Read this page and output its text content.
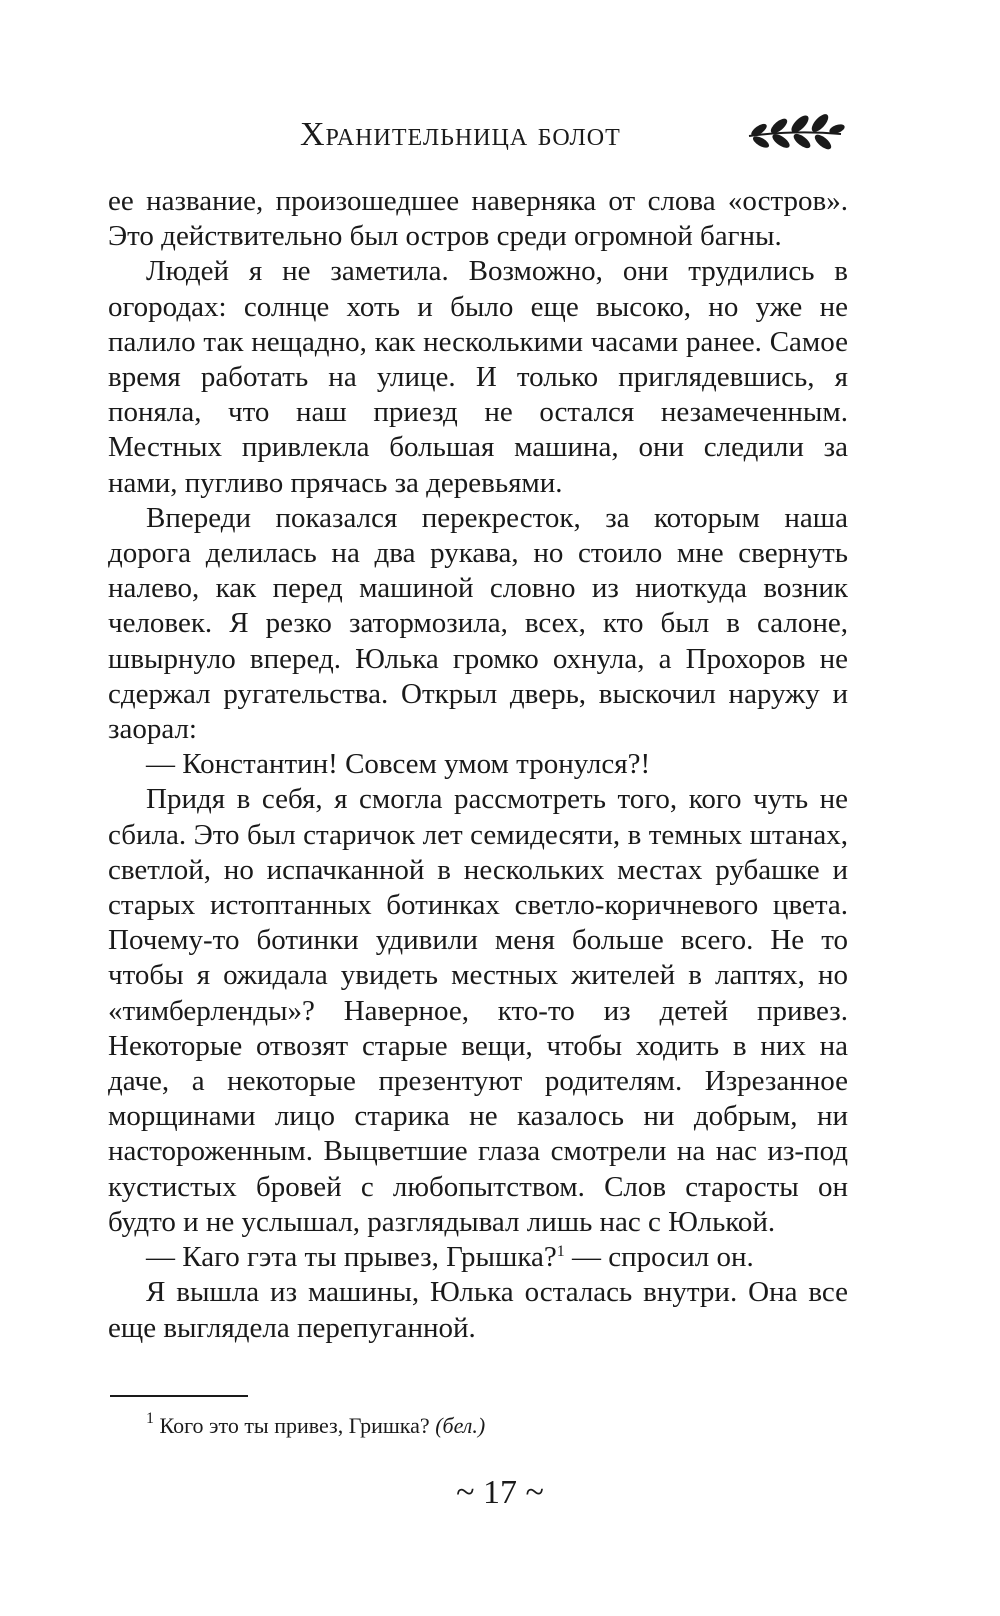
Хранительница болот

ее название, произошедшее наверняка от слова «остров». Это действительно был остров среди огромной багны.

Людей я не заметила. Возможно, они трудились в огородах: солнце хоть и было еще высоко, но уже не палило так нещадно, как несколькими часами ранее. Самое время работать на улице. И только приглядевшись, я поняла, что наш приезд не остался незамеченным. Местных привлекла большая машина, они следили за нами, пугливо прячась за деревьями.

Впереди показался перекресток, за которым наша дорога делилась на два рукава, но стоило мне свернуть налево, как перед машиной словно из ниоткуда возник человек. Я резко затормозила, всех, кто был в салоне, швырнуло вперед. Юлька громко охнула, а Прохоров не сдержал ругательства. Открыл дверь, выскочил наружу и заорал:

— Константин! Совсем умом тронулся?!

Придя в себя, я смогла рассмотреть того, кого чуть не сбила. Это был старичок лет семидесяти, в темных штанах, светлой, но испачканной в нескольких местах рубашке и старых истоптанных ботинках светло-коричневого цвета. Почему-то ботинки удивили меня больше всего. Не то чтобы я ожидала увидеть местных жителей в лаптях, но «тимберленды»? Наверное, кто-то из детей привез. Некоторые отвозят старые вещи, чтобы ходить в них на даче, а некоторые презентуют родителям. Изрезанное морщинами лицо старика не казалось ни добрым, ни настороженным. Выцветшие глаза смотрели на нас из-под кустистых бровей с любопытством. Слов старосты он будто и не услышал, разглядывал лишь нас с Юлькой.

— Каго гэта ты прывез, Грышка?$^1$ — спросил он.

Я вышла из машины, Юлька осталась внутри. Она все еще выглядела перепуганной.

$^1$ Кого это ты привез, Гришка? (бел.)
~ 17 ~
